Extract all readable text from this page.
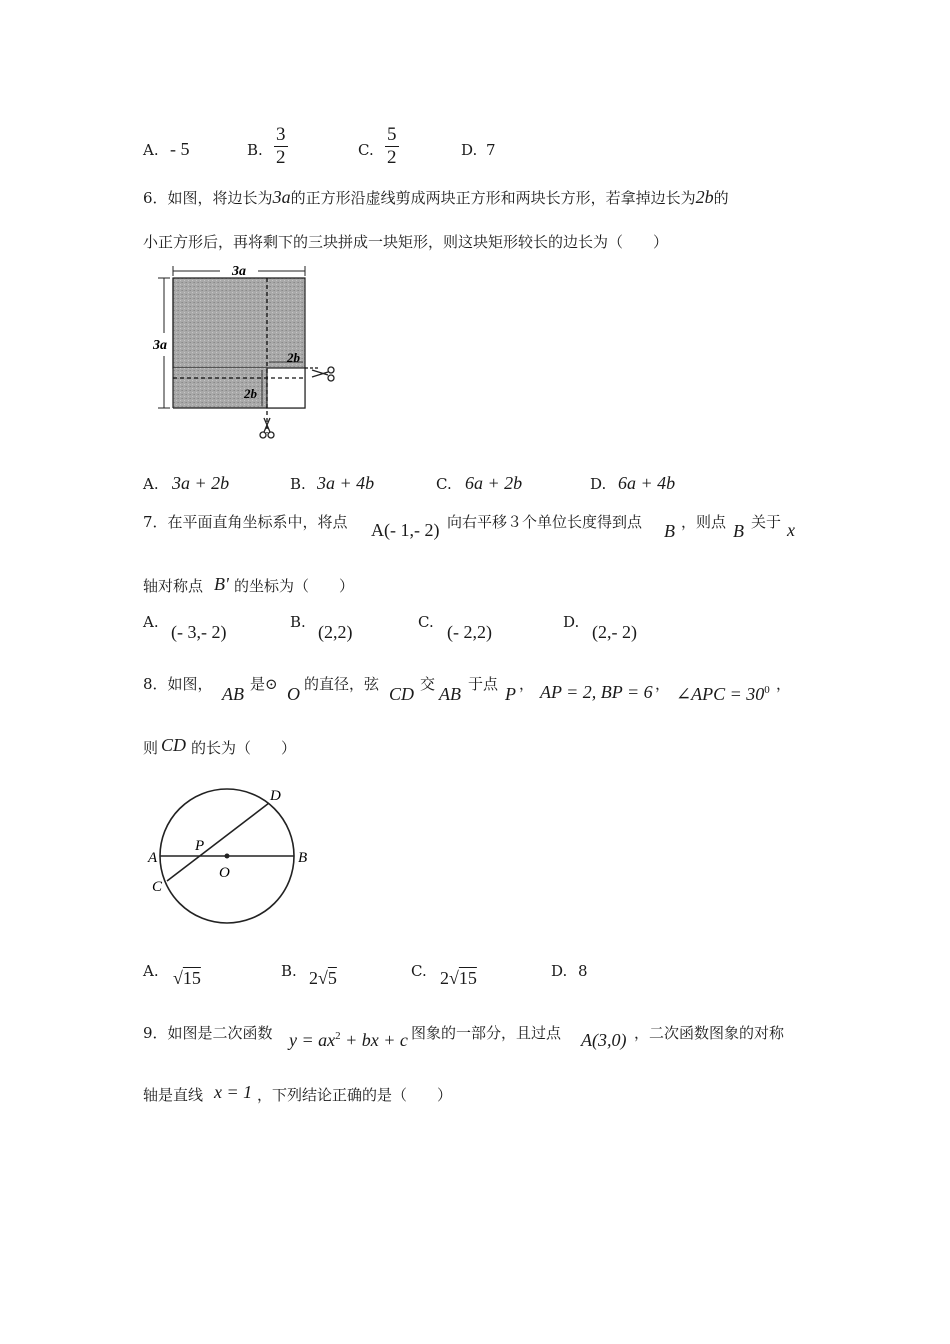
A. - 5	B. $\frac{3}{2}$	C. $\frac{5}{2}$	D. 7
6．如图，将边长为3a的正方形沿虚线剪成两块正方形和两块长方形，若拿掉边长为2b的
小正方形后，再将剩下的三块拼成一块矩形，则这块矩形较长的边长为（　　）
3a
3a
2b
2b
A. 3a + 2b	B. 3a + 4b	C. 6a + 2b	D. 6a + 4b
7．在平面直角坐标系中，将点 A(- 1,- 2) 向右平移３个单位长度得到点 B ，则点 B 关于 x
轴对称点 B' 的坐标为（　　）
A. (- 3,- 2)	B. (2,2)	C. (- 2,2)	D. (2,- 2)
8．如图， AB 是⊙ O 的直径，弦 CD 交 AB 于点 P ， AP = 2, BP = 6 ， ∠APC = $30^0$ ，
则 CD 的长为（　　）
A	B
C
D
P
O
A. √15	B. 2√5	C. 2√15	D. 8
9．如图是二次函数 $y = ax^2$ + bx + c 图象的一部分，且过点 A(3,0) ，二次函数图象的对称
轴是直线 x = 1 ，下列结论正确的是（　　）
